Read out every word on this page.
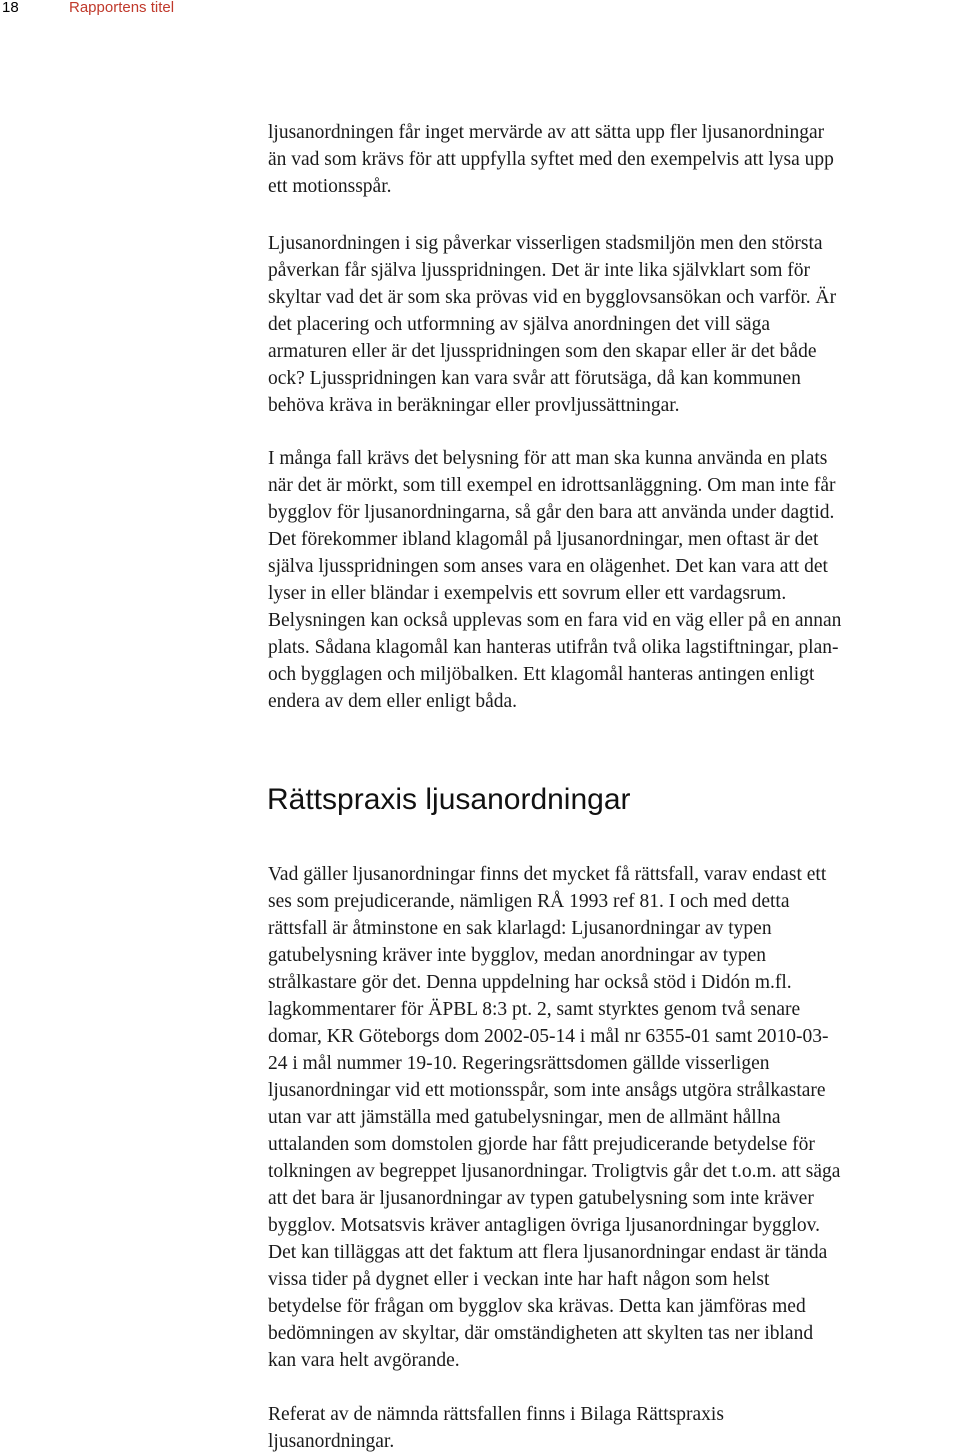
18	Rapportens titel

ljusanordningen får inget mervärde av att sätta upp fler ljusanordningar
än vad som krävs för att uppfylla syftet med den exempelvis att lysa upp
ett motionsspår.

Ljusanordningen i sig påverkar visserligen stadsmiljön men den största
påverkan får själva ljusspridningen. Det är inte lika självklart som för
skyltar vad det är som ska prövas vid en bygglovsansökan och varför. Är
det placering och utformning av själva anordningen det vill säga
armaturen eller är det ljusspridningen som den skapar eller är det både
ock? Ljusspridningen kan vara svår att förutsäga, då kan kommunen
behöva kräva in beräkningar eller provljussättningar.

I många fall krävs det belysning för att man ska kunna använda en plats
när det är mörkt, som till exempel en idrottsanläggning. Om man inte får
bygglov för ljusanordningarna, så går den bara att använda under dagtid.
Det förekommer ibland klagomål på ljusanordningar, men oftast är det
själva ljusspridningen som anses vara en olägenhet. Det kan vara att det
lyser in eller bländar i exempelvis ett sovrum eller ett vardagsrum.
Belysningen kan också upplevas som en fara vid en väg eller på en annan
plats. Sådana klagomål kan hanteras utifrån två olika lagstiftningar, plan-
och bygglagen och miljöbalken. Ett klagomål hanteras antingen enligt
endera av dem eller enligt båda.

Rättspraxis ljusanordningar

Vad gäller ljusanordningar finns det mycket få rättsfall, varav endast ett
ses som prejudicerande, nämligen RÅ 1993 ref 81. I och med detta
rättsfall är åtminstone en sak klarlagd: Ljusanordningar av typen
gatubelysning kräver inte bygglov, medan anordningar av typen
strålkastare gör det. Denna uppdelning har också stöd i Didón m.fl.
lagkommentarer för ÄPBL 8:3 pt. 2, samt styrktes genom två senare
domar, KR Göteborgs dom 2002-05-14 i mål nr 6355-01 samt 2010-03-
24 i mål nummer 19-10. Regeringsrättsdomen gällde visserligen
ljusanordningar vid ett motionsspår, som inte ansågs utgöra strålkastare
utan var att jämställa med gatubelysningar, men de allmänt hållna
uttalanden som domstolen gjorde har fått prejudicerande betydelse för
tolkningen av begreppet ljusanordningar. Troligtvis går det t.o.m. att säga
att det bara är ljusanordningar av typen gatubelysning som inte kräver
bygglov. Motsatsvis kräver antagligen övriga ljusanordningar bygglov.
Det kan tilläggas att det faktum att flera ljusanordningar endast är tända
vissa tider på dygnet eller i veckan inte har haft någon som helst
betydelse för frågan om bygglov ska krävas. Detta kan jämföras med
bedömningen av skyltar, där omständigheten att skylten tas ner ibland
kan vara helt avgörande.

Referat av de nämnda rättsfallen finns i Bilaga Rättspraxis
ljusanordningar.
